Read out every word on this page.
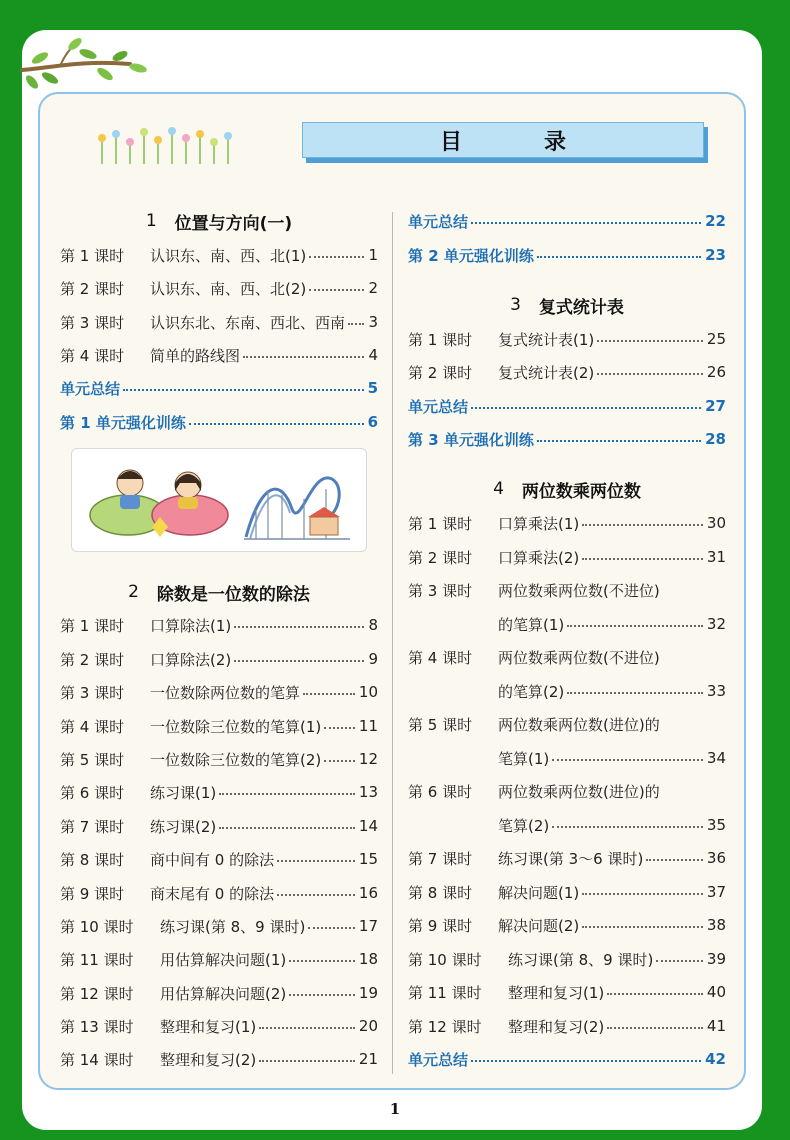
目　录
1 位置与方向(一)
第 1 课时	认识东、南、西、北(1)	1
第 2 课时	认识东、南、西、北(2)	2
第 3 课时	认识东北、东南、西北、西南 3
第 4 课时	简单的路线图	4
单元总结	5
第 1 单元强化训练	6
2 除数是一位数的除法
第 1 课时	口算除法(1)	8
第 2 课时	口算除法(2)	9
第 3 课时	一位数除两位数的笔算	10
第 4 课时	一位数除三位数的笔算(1)	11
第 5 课时	一位数除三位数的笔算(2)	12
第 6 课时	练习课(1)	13
第 7 课时	练习课(2)	14
第 8 课时	商中间有 0 的除法	15
第 9 课时	商末尾有 0 的除法	16
第 10 课时	练习课(第 8、9 课时)	17
第 11 课时	用估算解决问题(1)	18
第 12 课时	用估算解决问题(2)	19
第 13 课时	整理和复习(1)	20
第 14 课时	整理和复习(2)	21
单元总结	22
第 2 单元强化训练	23
3 复式统计表
第 1 课时	复式统计表(1)	25
第 2 课时	复式统计表(2)	26
单元总结	27
第 3 单元强化训练	28
4 两位数乘两位数
第 1 课时	口算乘法(1)	30
第 2 课时	口算乘法(2)	31
第 3 课时	两位数乘两位数(不进位)
的笔算(1)	32
第 4 课时	两位数乘两位数(不进位)
的笔算(2)	33
第 5 课时	两位数乘两位数(进位)的
笔算(1)	34
第 6 课时	两位数乘两位数(进位)的
笔算(2)	35
第 7 课时	练习课(第 3～6 课时)	36
第 8 课时	解决问题(1)	37
第 9 课时	解决问题(2)	38
第 10 课时	练习课(第 8、9 课时)	39
第 11 课时	整理和复习(1)	40
第 12 课时	整理和复习(2)	41
单元总结	42
1
